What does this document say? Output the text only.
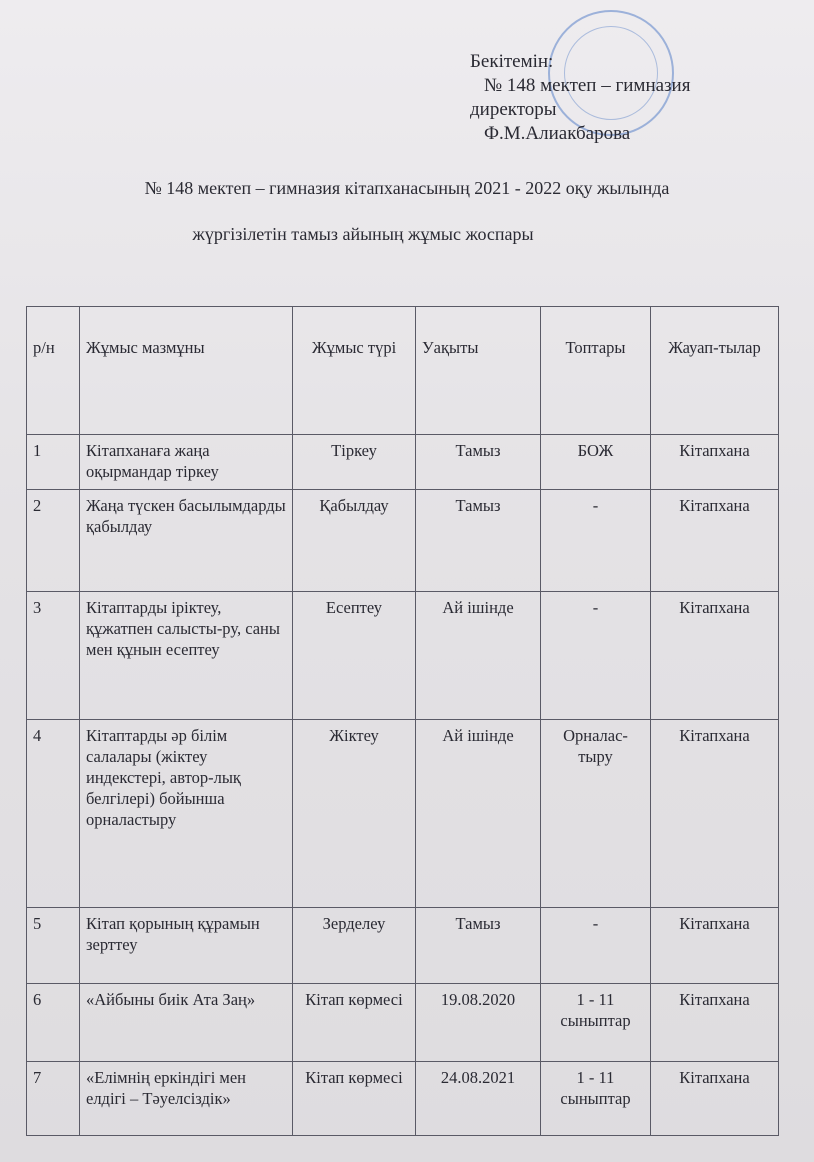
Бекітемін:
№ 148 мектеп – гимназия
директоры
Ф.М.Алиакбарова
№ 148 мектеп – гимназия кітапханасының 2021 - 2022 оқу жылында
жүргізілетін тамыз айының жұмыс жоспары
р/н	Жұмыс мазмұны	Жұмыс түрі	Уақыты	Топтары	Жауап-тылар
1	Кітапханаға жаңа оқырмандар тіркеу	Тіркеу	Тамыз	БОЖ	Кітапхана
2	Жаңа түскен басылымдарды қабылдау	Қабылдау	Тамыз	-	Кітапхана
3	Кітаптарды іріктеу, құжатпен салысты-ру, саны мен құнын есептеу	Есептеу	Ай ішінде	-	Кітапхана
4	Кітаптарды әр білім салалары (жіктеу индекстері, автор-лық белгілері) бойынша орналастыру	Жіктеу	Ай ішінде	Орналас-тыру	Кітапхана
5	Кітап қорының құрамын зерттеу	Зерделеу	Тамыз	-	Кітапхана
6	«Айбыны биік Ата Заң»	Кітап көрмесі	19.08.2020	1 - 11 сыныптар	Кітапхана
7	«Елімнің еркіндігі мен елдігі – Тәуелсіздік»	Кітап көрмесі	24.08.2021	1 - 11 сыныптар	Кітапхана
